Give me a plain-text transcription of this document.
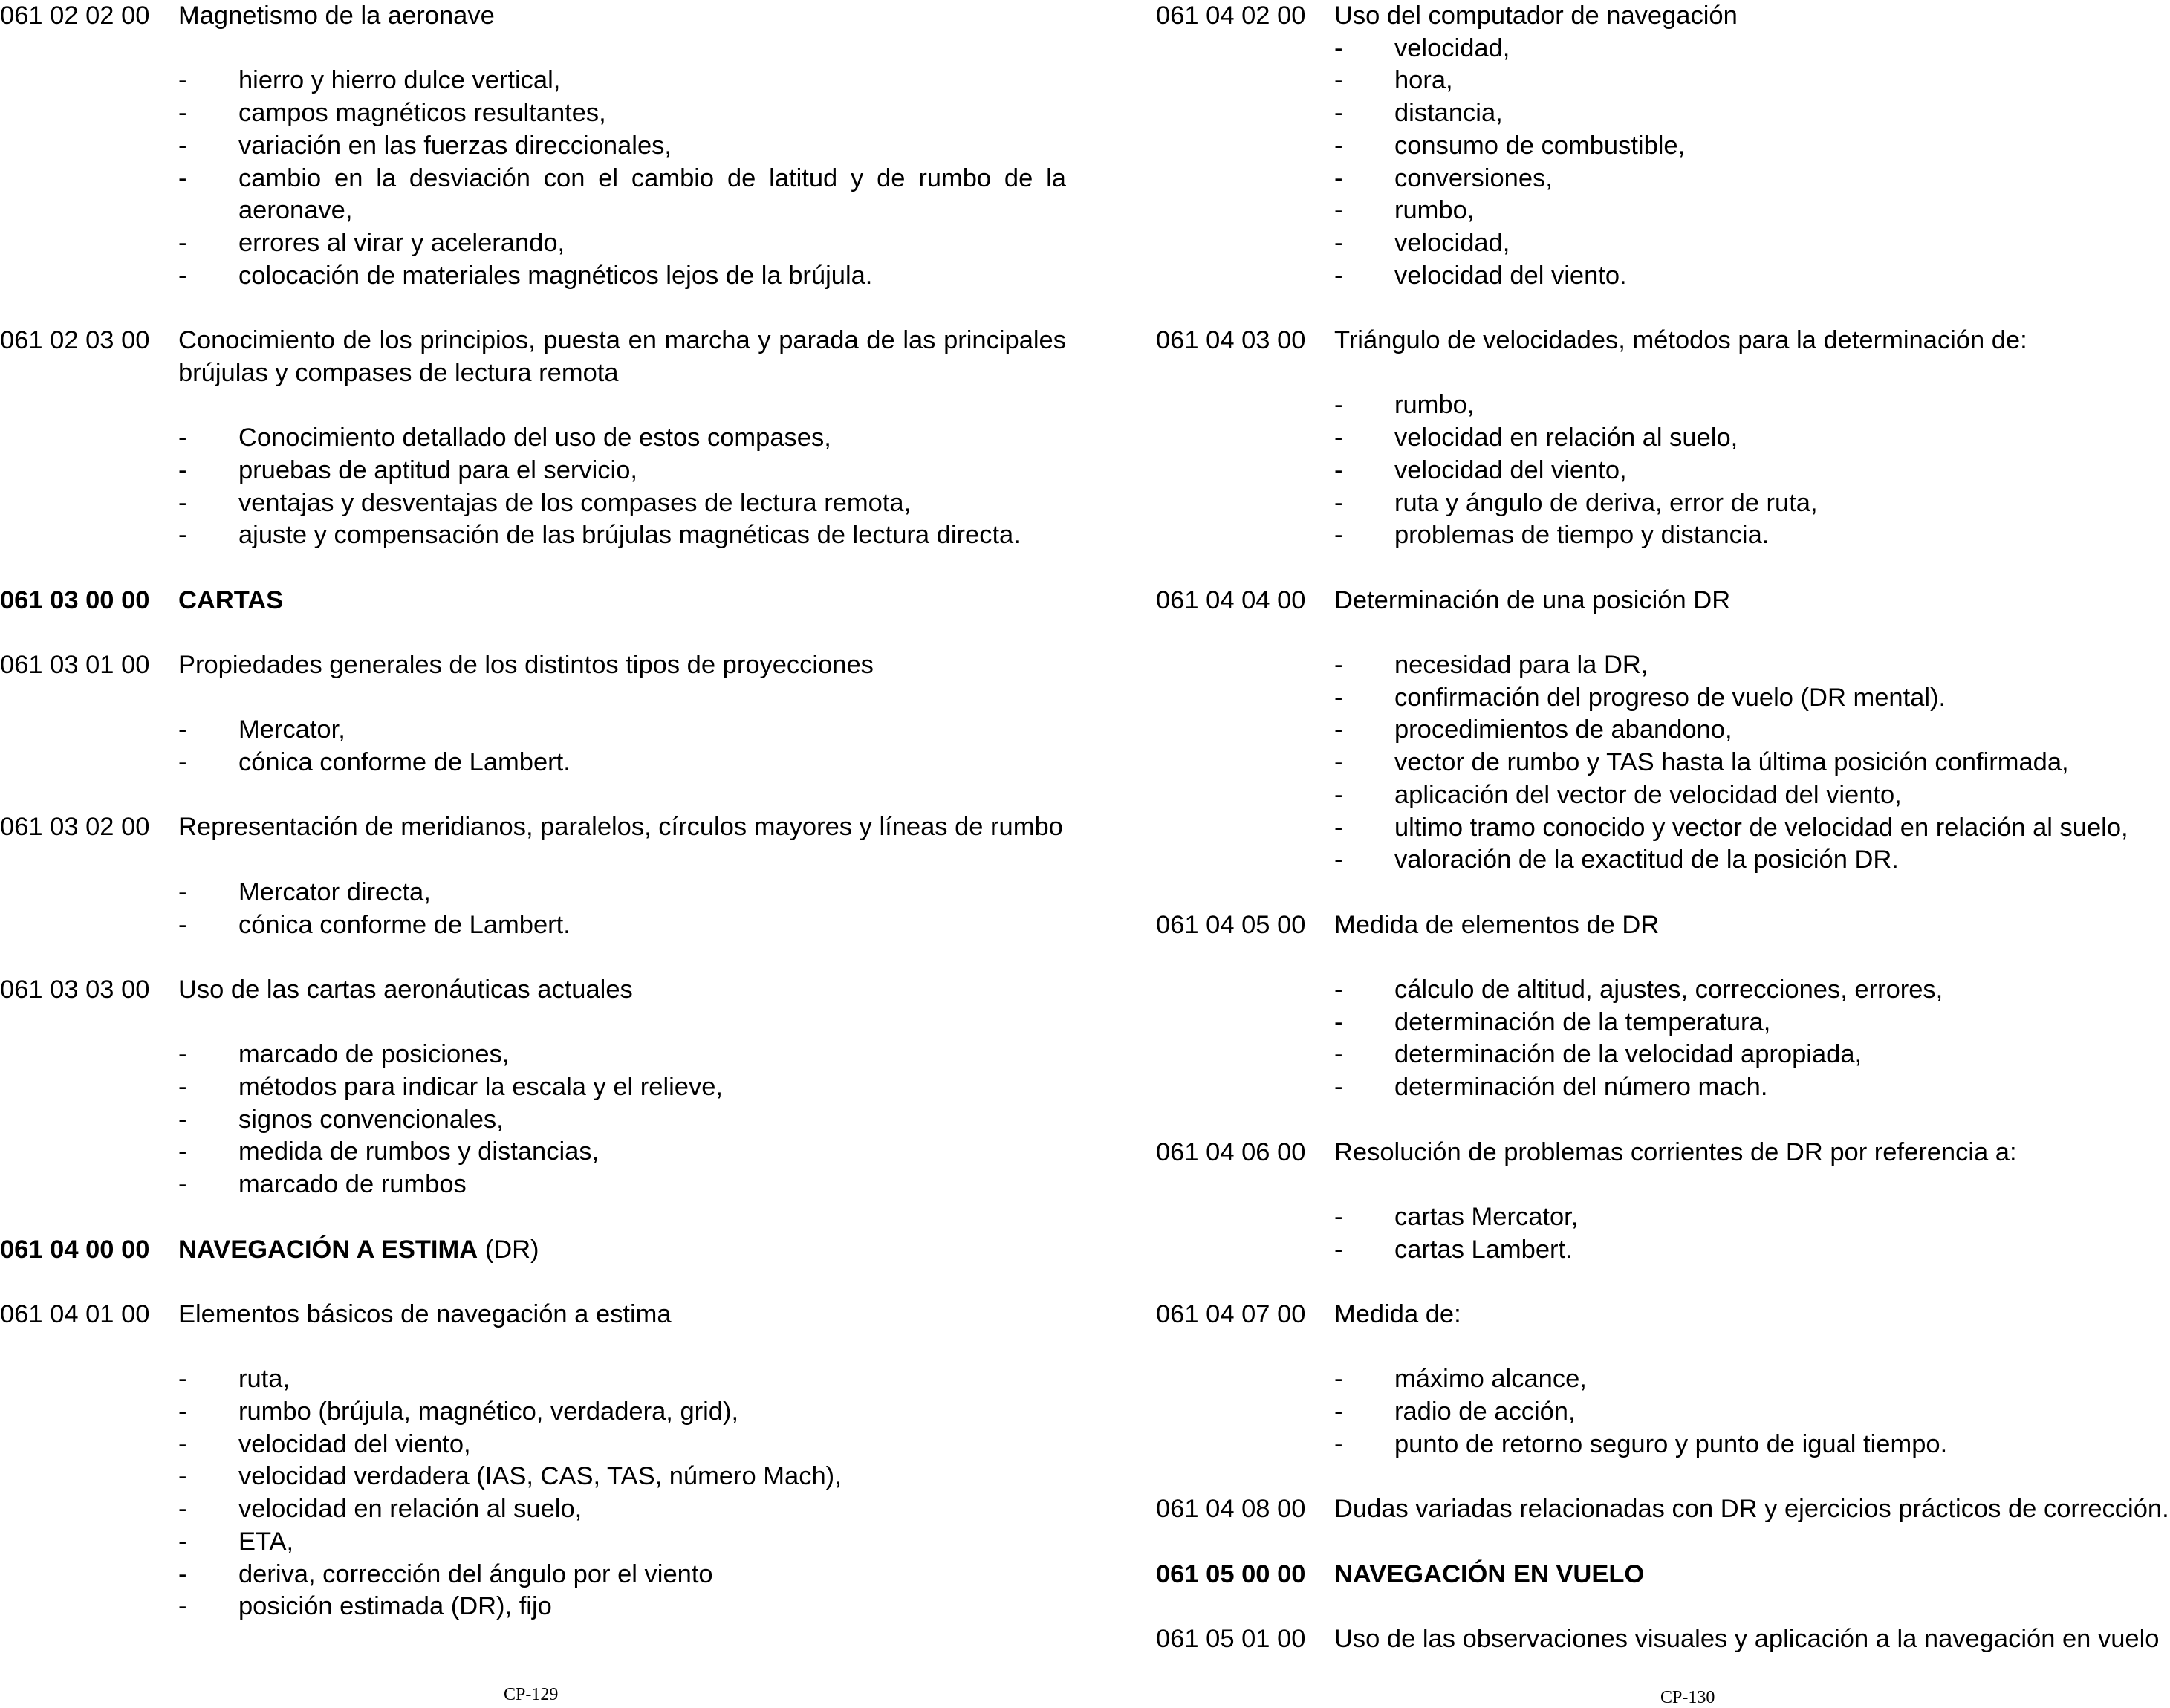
061 02 02 00 Magnetismo de la aeronave
- hierro y hierro dulce vertical,
- campos magnéticos resultantes,
- variación en las fuerzas direccionales,
- cambio en la desviación con el cambio de latitud y de rumbo de la aeronave,
- errores al virar y acelerando,
- colocación de materiales magnéticos lejos de la brújula.
061 02 03 00 Conocimiento de los principios, puesta en marcha y parada de las principales brújulas y compases de lectura remota
- Conocimiento detallado del uso de estos compases,
- pruebas de aptitud para el servicio,
- ventajas y desventajas de los compases de lectura remota,
- ajuste y compensación de las brújulas magnéticas de lectura directa.
061 03 00 00 CARTAS
061 03 01 00 Propiedades generales de los distintos tipos de proyecciones
- Mercator,
- cónica conforme de Lambert.
061 03 02 00 Representación de meridianos, paralelos, círculos mayores y líneas de rumbo
- Mercator directa,
- cónica conforme de Lambert.
061 03 03 00 Uso de las cartas aeronáuticas actuales
- marcado de posiciones,
- métodos para indicar la escala y el relieve,
- signos convencionales,
- medida de rumbos y distancias,
- marcado de rumbos
061 04 00 00 NAVEGACIÓN A ESTIMA (DR)
061 04 01 00 Elementos básicos de navegación a estima
- ruta,
- rumbo (brújula, magnético, verdadera, grid),
- velocidad del viento,
- velocidad verdadera (IAS, CAS, TAS, número Mach),
- velocidad en relación al suelo,
- ETA,
- deriva, corrección del ángulo por el viento
- posición estimada (DR), fijo
061 04 02 00 Uso del computador de navegación
- velocidad,
- hora,
- distancia,
- consumo de combustible,
- conversiones,
- rumbo,
- velocidad,
- velocidad del viento.
061 04 03 00 Triángulo de velocidades, métodos para la determinación de:
- rumbo,
- velocidad en relación al suelo,
- velocidad del viento,
- ruta y ángulo de deriva, error de ruta,
- problemas de tiempo y distancia.
061 04 04 00 Determinación de una posición DR
- necesidad para la DR,
- confirmación del progreso de vuelo (DR mental).
- procedimientos de abandono,
- vector de rumbo y TAS hasta la última posición confirmada,
- aplicación del vector de velocidad del viento,
- ultimo tramo conocido y vector de velocidad en relación al suelo,
- valoración de la exactitud de la posición DR.
061 04 05 00 Medida de elementos de DR
- cálculo de altitud, ajustes, correcciones, errores,
- determinación de la temperatura,
- determinación de la velocidad apropiada,
- determinación del número mach.
061 04 06 00 Resolución de problemas corrientes de DR por referencia a:
- cartas Mercator,
- cartas Lambert.
061 04 07 00 Medida de:
- máximo alcance,
- radio de acción,
- punto de retorno seguro y punto de igual tiempo.
061 04 08 00 Dudas variadas relacionadas con DR y ejercicios prácticos de corrección.
061 05 00 00 NAVEGACIÓN EN VUELO
061 05 01 00 Uso de las observaciones visuales y aplicación a la navegación en vuelo
CP-129	CP-130
